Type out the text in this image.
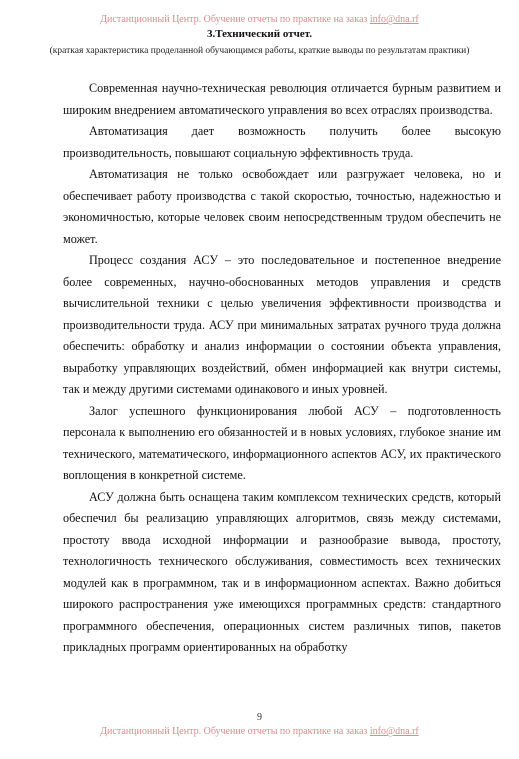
Дистанционный Центр. Обучение отчеты по практике на заказ info@dna.rf
3.Технический отчет.
(краткая характеристика проделанной обучающимся работы, краткие выводы по результатам практики)

Современная научно-техническая революция отличается бурным развитием и широким внедрением автоматического управления во всех отраслях производства.

Автоматизация дает возможность получить более высокую производительность, повышают социальную эффективность труда.

Автоматизация не только освобождает или разгружает человека, но и обеспечивает работу производства с такой скоростью, точностью, надежностью и экономичностью, которые человек своим непосредственным трудом обеспечить не может.

Процесс создания АСУ – это последовательное и постепенное внедрение более современных, научно-обоснованных методов управления и средств вычислительной техники с целью увеличения эффективности производства и производительности труда. АСУ при минимальных затратах ручного труда должна обеспечить: обработку и анализ информации о состоянии объекта управления, выработку управляющих воздействий, обмен информацией как внутри системы, так и между другими системами одинакового и иных уровней.

Залог успешного функционирования любой АСУ – подготовленность персонала к выполнению его обязанностей и в новых условиях, глубокое знание им технического, математического, информационного аспектов АСУ, их практического воплощения в конкретной системе.

АСУ должна быть оснащена таким комплексом технических средств, который обеспечил бы реализацию управляющих алгоритмов, связь между системами, простоту ввода исходной информации и разнообразие вывода, простоту, технологичность технического обслуживания, совместимость всех технических модулей как в программном, так и в информационном аспектах. Важно добиться широкого распространения уже имеющихся программных средств: стандартного программного обеспечения, операционных систем различных типов, пакетов прикладных программ ориентированных на обработку

9
Дистанционный Центр. Обучение отчеты по практике на заказ info@dna.rf
